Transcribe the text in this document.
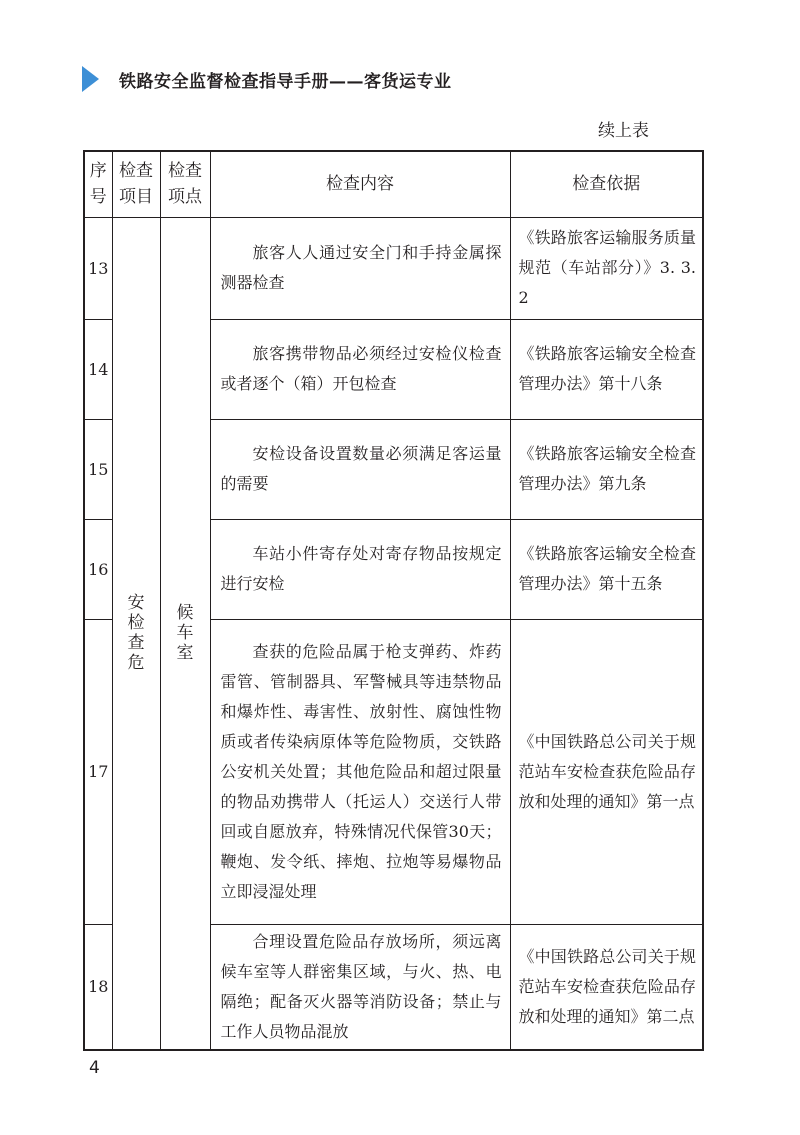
铁路安全监督检查指导手册——客货运专业
续上表
序号	检查项目	检查项点	检查内容	检查依据
13	安检查危	候车室	旅客人人通过安全门和手持金属探测器检查	《铁路旅客运输服务质量规范（车站部分）》3. 3. 2
14			旅客携带物品必须经过安检仪检查或者逐个（箱）开包检查	《铁路旅客运输安全检查管理办法》第十八条
15			安检设备设置数量必须满足客运量的需要	《铁路旅客运输安全检查管理办法》第九条
16			车站小件寄存处对寄存物品按规定进行安检	《铁路旅客运输安全检查管理办法》第十五条
17			查获的危险品属于枪支弹药、炸药雷管、管制器具、军警械具等违禁物品和爆炸性、毒害性、放射性、腐蚀性物质或者传染病原体等危险物质，交铁路公安机关处置；其他危险品和超过限量的物品劝携带人（托运人）交送行人带回或自愿放弃，特殊情况代保管30天；鞭炮、发令纸、摔炮、拉炮等易爆物品立即浸湿处理	《中国铁路总公司关于规范站车安检查获危险品存放和处理的通知》第一点
18			合理设置危险品存放场所，须远离候车室等人群密集区域，与火、热、电隔绝；配备灭火器等消防设备；禁止与工作人员物品混放	《中国铁路总公司关于规范站车安检查获危险品存放和处理的通知》第二点
4
